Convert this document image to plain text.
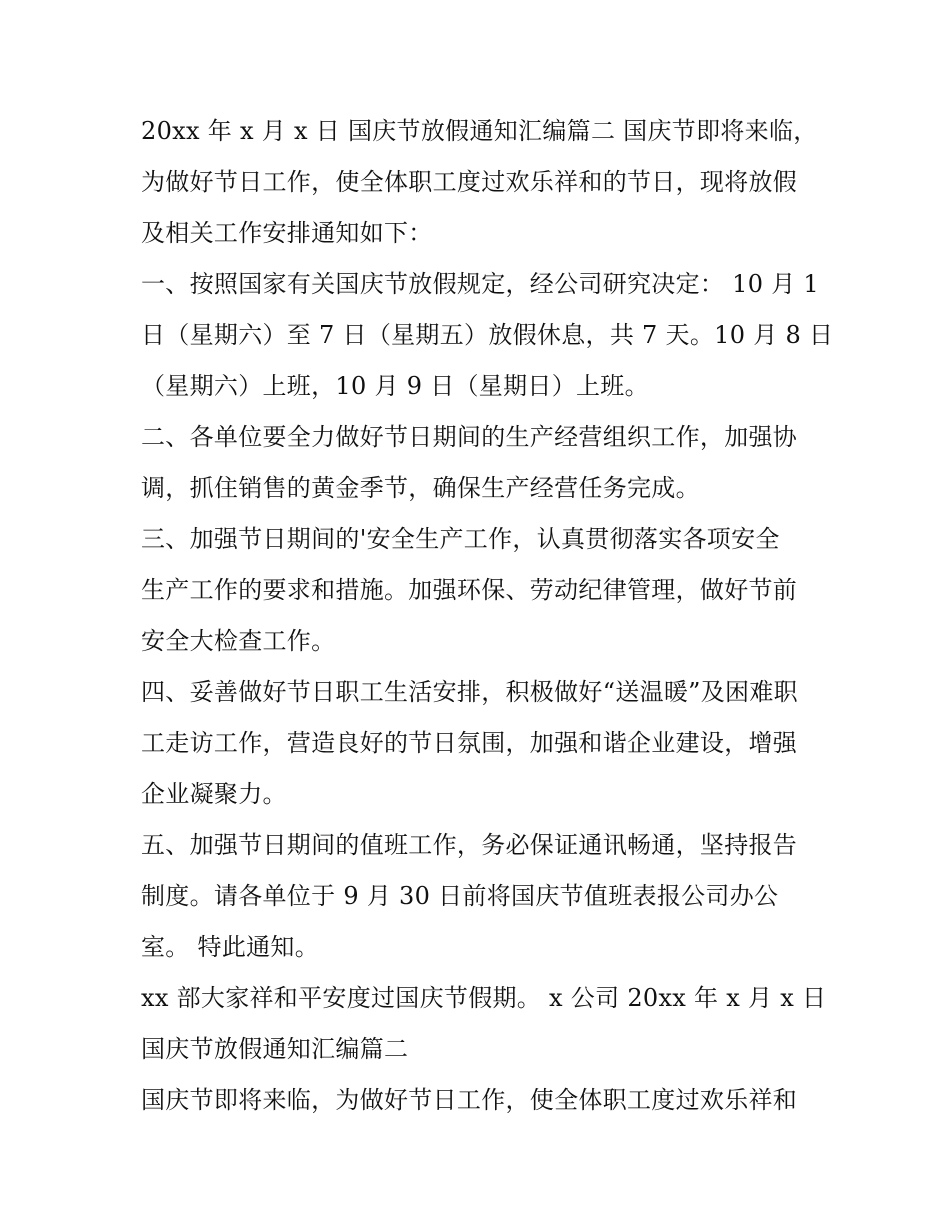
20xx 年 x 月 x 日 国庆节放假通知汇编篇二 国庆节即将来临，
为做好节日工作，使全体职工度过欢乐祥和的节日，现将放假
及相关工作安排通知如下：
一、按照国家有关国庆节放假规定，经公司研究决定： 10 月 1
日（星期六）至 7 日（星期五）放假休息，共 7 天。10 月 8 日
（星期六）上班，10 月 9 日（星期日）上班。
二、各单位要全力做好节日期间的生产经营组织工作，加强协
调，抓住销售的黄金季节，确保生产经营任务完成。
三、加强节日期间的'安全生产工作，认真贯彻落实各项安全
生产工作的要求和措施。加强环保、劳动纪律管理，做好节前
安全大检查工作。
四、妥善做好节日职工生活安排，积极做好“送温暖”及困难职
工走访工作，营造良好的节日氛围，加强和谐企业建设，增强
企业凝聚力。
五、加强节日期间的值班工作，务必保证通讯畅通，坚持报告
制度。请各单位于 9 月 30 日前将国庆节值班表报公司办公
室。 特此通知。
xx 部大家祥和平安度过国庆节假期。 x 公司 20xx 年 x 月 x 日
国庆节放假通知汇编篇二
国庆节即将来临，为做好节日工作，使全体职工度过欢乐祥和
